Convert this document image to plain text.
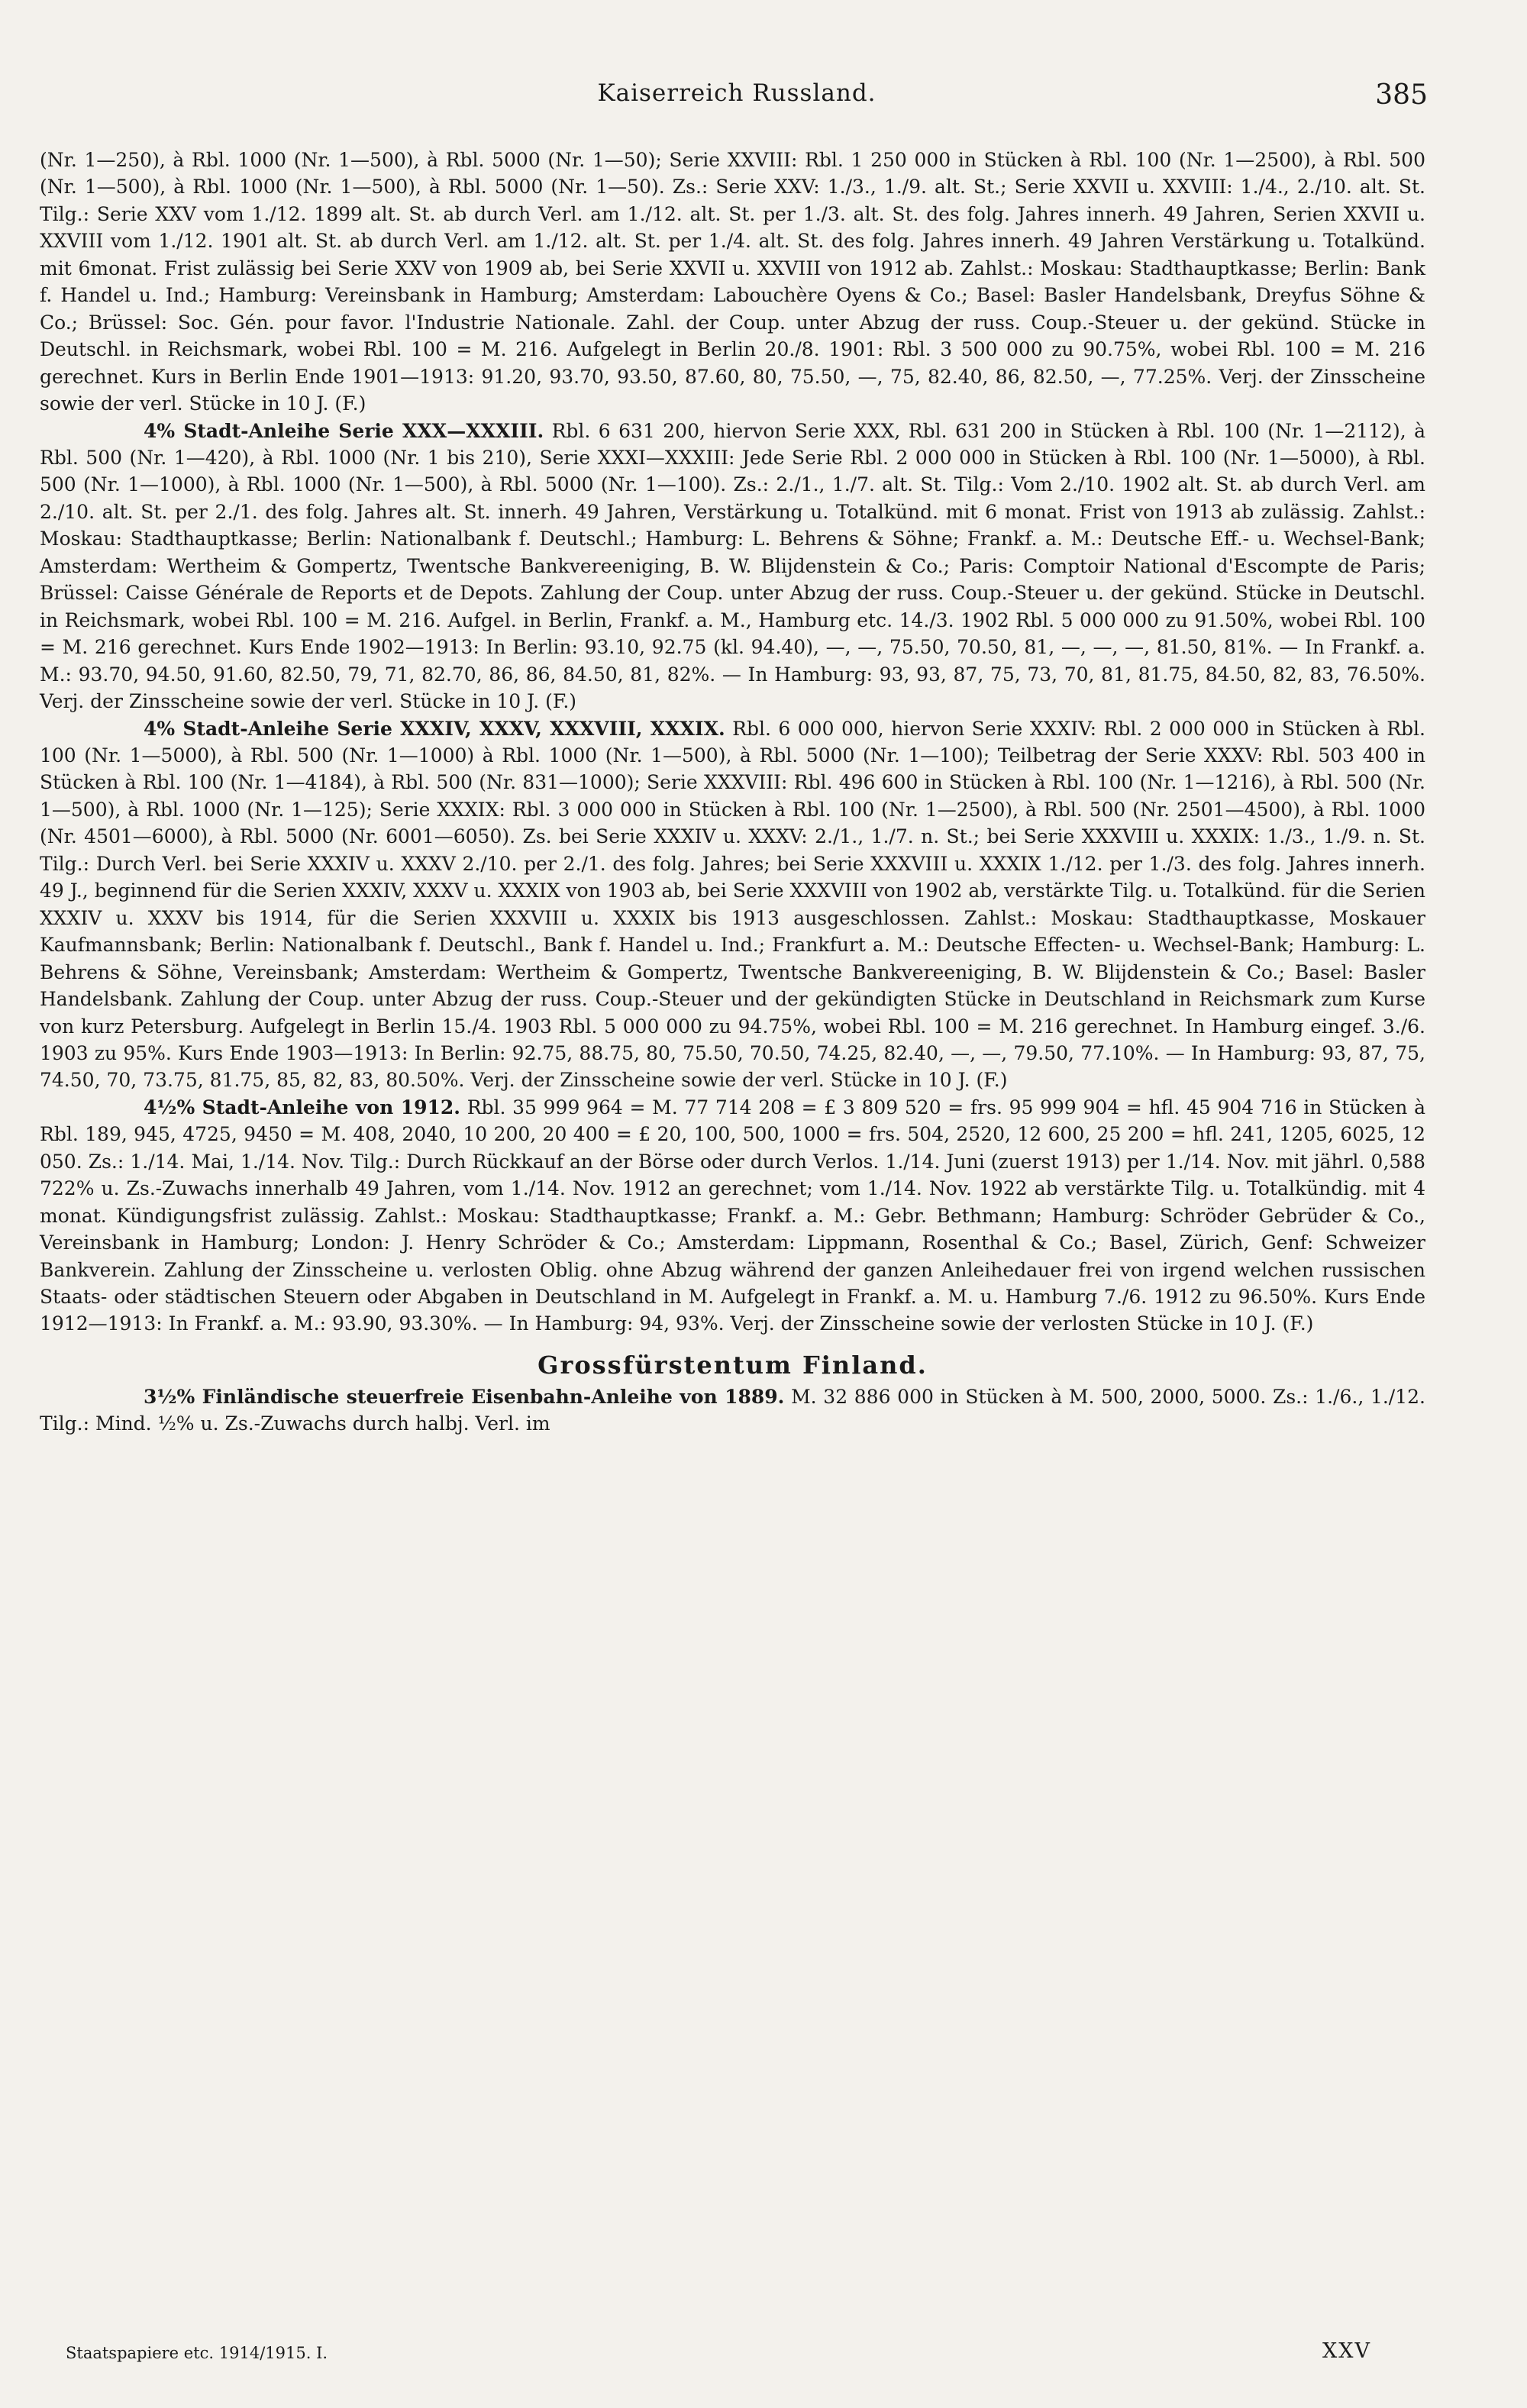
Kaiserreich Russland.	385

(Nr. 1—250), à Rbl. 1000 (Nr. 1—500), à Rbl. 5000 (Nr. 1—50); Serie XXVIII: Rbl. 1 250 000 in Stücken à Rbl. 100 (Nr. 1—2500), à Rbl. 500 (Nr. 1—500), à Rbl. 1000 (Nr. 1—500), à Rbl. 5000 (Nr. 1—50). Zs.: Serie XXV: 1./3., 1./9. alt. St.; Serie XXVII u. XXVIII: 1./4., 2./10. alt. St. Tilg.: Serie XXV vom 1./12. 1899 alt. St. ab durch Verl. am 1./12. alt. St. per 1./3. alt. St. des folg. Jahres innerh. 49 Jahren, Serien XXVII u. XXVIII vom 1./12. 1901 alt. St. ab durch Verl. am 1./12. alt. St. per 1./4. alt. St. des folg. Jahres innerh. 49 Jahren Verstärkung u. Totalkünd. mit 6monat. Frist zulässig bei Serie XXV von 1909 ab, bei Serie XXVII u. XXVIII von 1912 ab. Zahlst.: Moskau: Stadthauptkasse; Berlin: Bank f. Handel u. Ind.; Hamburg: Vereinsbank in Hamburg; Amsterdam: Labouchère Oyens & Co.; Basel: Basler Handelsbank, Dreyfus Söhne & Co.; Brüssel: Soc. Gén. pour favor. l'Industrie Nationale. Zahl. der Coup. unter Abzug der russ. Coup.-Steuer u. der gekünd. Stücke in Deutschl. in Reichsmark, wobei Rbl. 100 = M. 216. Aufgelegt in Berlin 20./8. 1901: Rbl. 3 500 000 zu 90.75%, wobei Rbl. 100 = M. 216 gerechnet. Kurs in Berlin Ende 1901—1913: 91.20, 93.70, 93.50, 87.60, 80, 75.50, —, 75, 82.40, 86, 82.50, —, 77.25%. Verj. der Zinsscheine sowie der verl. Stücke in 10 J. (F.)

4% Stadt-Anleihe Serie XXX—XXXIII. Rbl. 6 631 200, hiervon Serie XXX, Rbl. 631 200 in Stücken à Rbl. 100 (Nr. 1—2112), à Rbl. 500 (Nr. 1—420), à Rbl. 1000 (Nr. 1 bis 210), Serie XXXI—XXXIII: Jede Serie Rbl. 2 000 000 in Stücken à Rbl. 100 (Nr. 1—5000), à Rbl. 500 (Nr. 1—1000), à Rbl. 1000 (Nr. 1—500), à Rbl. 5000 (Nr. 1—100). Zs.: 2./1., 1./7. alt. St. Tilg.: Vom 2./10. 1902 alt. St. ab durch Verl. am 2./10. alt. St. per 2./1. des folg. Jahres alt. St. innerh. 49 Jahren, Verstärkung u. Totalkünd. mit 6 monat. Frist von 1913 ab zulässig. Zahlst.: Moskau: Stadthauptkasse; Berlin: Nationalbank f. Deutschl.; Hamburg: L. Behrens & Söhne; Frankf. a. M.: Deutsche Eff.- u. Wechsel-Bank; Amsterdam: Wertheim & Gompertz, Twentsche Bankvereeniging, B. W. Blijdenstein & Co.; Paris: Comptoir National d'Escompte de Paris; Brüssel: Caisse Générale de Reports et de Depots. Zahlung der Coup. unter Abzug der russ. Coup.-Steuer u. der gekünd. Stücke in Deutschl. in Reichsmark, wobei Rbl. 100 = M. 216. Aufgel. in Berlin, Frankf. a. M., Hamburg etc. 14./3. 1902 Rbl. 5 000 000 zu 91.50%, wobei Rbl. 100 = M. 216 gerechnet. Kurs Ende 1902—1913: In Berlin: 93.10, 92.75 (kl. 94.40), —, —, 75.50, 70.50, 81, —, —, —, 81.50, 81%. — In Frankf. a. M.: 93.70, 94.50, 91.60, 82.50, 79, 71, 82.70, 86, 86, 84.50, 81, 82%. — In Hamburg: 93, 93, 87, 75, 73, 70, 81, 81.75, 84.50, 82, 83, 76.50%. Verj. der Zinsscheine sowie der verl. Stücke in 10 J. (F.)

4% Stadt-Anleihe Serie XXXIV, XXXV, XXXVIII, XXXIX. Rbl. 6 000 000, hiervon Serie XXXIV: Rbl. 2 000 000 in Stücken à Rbl. 100 (Nr. 1—5000), à Rbl. 500 (Nr. 1—1000) à Rbl. 1000 (Nr. 1—500), à Rbl. 5000 (Nr. 1—100); Teilbetrag der Serie XXXV: Rbl. 503 400 in Stücken à Rbl. 100 (Nr. 1—4184), à Rbl. 500 (Nr. 831—1000); Serie XXXVIII: Rbl. 496 600 in Stücken à Rbl. 100 (Nr. 1—1216), à Rbl. 500 (Nr. 1—500), à Rbl. 1000 (Nr. 1—125); Serie XXXIX: Rbl. 3 000 000 in Stücken à Rbl. 100 (Nr. 1—2500), à Rbl. 500 (Nr. 2501—4500), à Rbl. 1000 (Nr. 4501—6000), à Rbl. 5000 (Nr. 6001—6050). Zs. bei Serie XXXIV u. XXXV: 2./1., 1./7. n. St.; bei Serie XXXVIII u. XXXIX: 1./3., 1./9. n. St. Tilg.: Durch Verl. bei Serie XXXIV u. XXXV 2./10. per 2./1. des folg. Jahres; bei Serie XXXVIII u. XXXIX 1./12. per 1./3. des folg. Jahres innerh. 49 J., beginnend für die Serien XXXIV, XXXV u. XXXIX von 1903 ab, bei Serie XXXVIII von 1902 ab, verstärkte Tilg. u. Totalkünd. für die Serien XXXIV u. XXXV bis 1914, für die Serien XXXVIII u. XXXIX bis 1913 ausgeschlossen. Zahlst.: Moskau: Stadthauptkasse, Moskauer Kaufmannsbank; Berlin: Nationalbank f. Deutschl., Bank f. Handel u. Ind.; Frankfurt a. M.: Deutsche Effecten- u. Wechsel-Bank; Hamburg: L. Behrens & Söhne, Vereinsbank; Amsterdam: Wertheim & Gompertz, Twentsche Bankvereeniging, B. W. Blijdenstein & Co.; Basel: Basler Handelsbank. Zahlung der Coup. unter Abzug der russ. Coup.-Steuer und der gekündigten Stücke in Deutschland in Reichsmark zum Kurse von kurz Petersburg. Aufgelegt in Berlin 15./4. 1903 Rbl. 5 000 000 zu 94.75%, wobei Rbl. 100 = M. 216 gerechnet. In Hamburg eingef. 3./6. 1903 zu 95%. Kurs Ende 1903—1913: In Berlin: 92.75, 88.75, 80, 75.50, 70.50, 74.25, 82.40, —, —, 79.50, 77.10%. — In Hamburg: 93, 87, 75, 74.50, 70, 73.75, 81.75, 85, 82, 83, 80.50%. Verj. der Zinsscheine sowie der verl. Stücke in 10 J. (F.)

4½% Stadt-Anleihe von 1912. Rbl. 35 999 964 = M. 77 714 208 = £ 3 809 520 = frs. 95 999 904 = hfl. 45 904 716 in Stücken à Rbl. 189, 945, 4725, 9450 = M. 408, 2040, 10 200, 20 400 = £ 20, 100, 500, 1000 = frs. 504, 2520, 12 600, 25 200 = hfl. 241, 1205, 6025, 12 050. Zs.: 1./14. Mai, 1./14. Nov. Tilg.: Durch Rückkauf an der Börse oder durch Verlos. 1./14. Juni (zuerst 1913) per 1./14. Nov. mit jährl. 0,588 722% u. Zs.-Zuwachs innerhalb 49 Jahren, vom 1./14. Nov. 1912 an gerechnet; vom 1./14. Nov. 1922 ab verstärkte Tilg. u. Totalkündig. mit 4 monat. Kündigungsfrist zulässig. Zahlst.: Moskau: Stadthauptkasse; Frankf. a. M.: Gebr. Bethmann; Hamburg: Schröder Gebrüder & Co., Vereinsbank in Hamburg; London: J. Henry Schröder & Co.; Amsterdam: Lippmann, Rosenthal & Co.; Basel, Zürich, Genf: Schweizer Bankverein. Zahlung der Zinsscheine u. verlosten Oblig. ohne Abzug während der ganzen Anleihedauer frei von irgend welchen russischen Staats- oder städtischen Steuern oder Abgaben in Deutschland in M. Aufgelegt in Frankf. a. M. u. Hamburg 7./6. 1912 zu 96.50%. Kurs Ende 1912—1913: In Frankf. a. M.: 93.90, 93.30%. — In Hamburg: 94, 93%. Verj. der Zinsscheine sowie der verlosten Stücke in 10 J. (F.)

Grossfürstentum Finland.

3½% Finländische steuerfreie Eisenbahn-Anleihe von 1889. M. 32 886 000 in Stücken à M. 500, 2000, 5000. Zs.: 1./6., 1./12. Tilg.: Mind. ½% u. Zs.-Zuwachs durch halbj. Verl. im

Staatspapiere etc. 1914/1915. I.	XXV
